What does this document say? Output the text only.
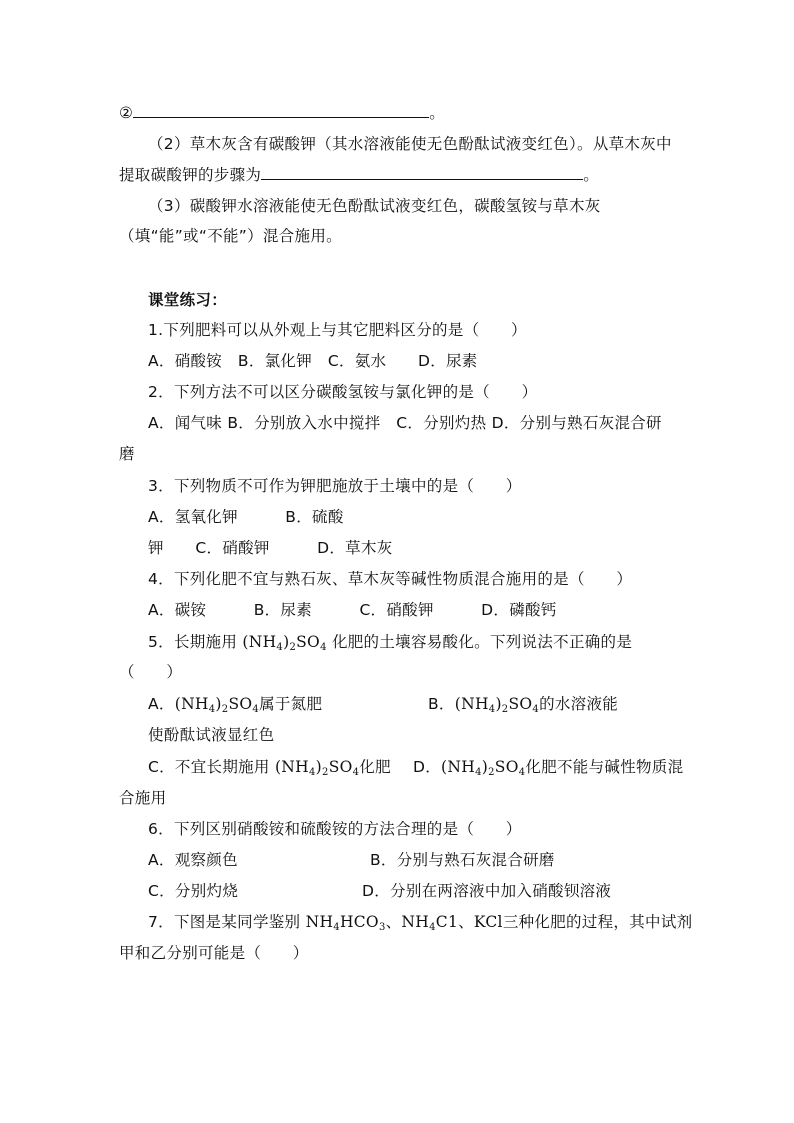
②	。
（2）草木灰含有碳酸钾（其水溶液能使无色酚酞试液变红色）。从草木灰中
提取碳酸钾的步骤为	。
（3）碳酸钾水溶液能使无色酚酞试液变红色，碳酸氢铵与草木灰
（填“能”或“不能”）混合施用。
课堂练习：
1.下列肥料可以从外观上与其它肥料区分的是（　　）
A．硝酸铵　B．氯化钾　C．氨水　　D．尿素
2．下列方法不可以区分碳酸氢铵与氯化钾的是（　　）
A．闻气味 B．分别放入水中搅拌　C．分别灼热 D．分别与熟石灰混合研
磨
3．下列物质不可作为钾肥施放于土壤中的是（　　）
A．氢氧化钾　　　B．硫酸
钾　　C．硝酸钾　　　D．草木灰
4．下列化肥不宜与熟石灰、草木灰等碱性物质混合施用的是（　　）
A．碳铵　　　B．尿素　　　C．硝酸钾　　　D．磷酸钙
5．长期施用 $(NH_4)_2SO_4$ 化肥的土壤容易酸化。下列说法不正确的是
（　　）
A．$(NH_4)_2SO_4$属于氮肥	B．$(NH_4)_2SO_4$的水溶液能
使酚酞试液显红色
C．不宜长期施用 $(NH_4)_2SO_4$化肥 D．$(NH_4)_2SO_4$化肥不能与碱性物质混
合施用
6．下列区别硝酸铵和硫酸铵的方法合理的是（　　）
A．观察颜色	B．分别与熟石灰混合研磨
C．分别灼烧	D．分别在两溶液中加入硝酸钡溶液
7．下图是某同学鉴别 $NH_4HCO_3$、$NH_4C1$、KCl三种化肥的过程，其中试剂
甲和乙分别可能是（　　）
